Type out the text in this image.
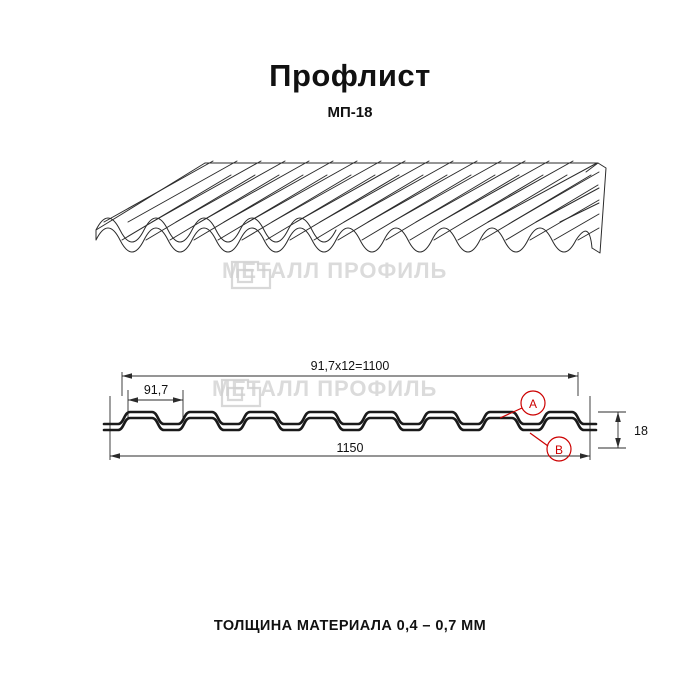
Профлист
МП-18
МЕТАЛЛ ПРОФИЛЬ
МЕТАЛЛ ПРОФИЛЬ
91,7х12=1100
91,7
1150
18
A
B
ТОЛЩИНА МАТЕРИАЛА 0,4 – 0,7 ММ
